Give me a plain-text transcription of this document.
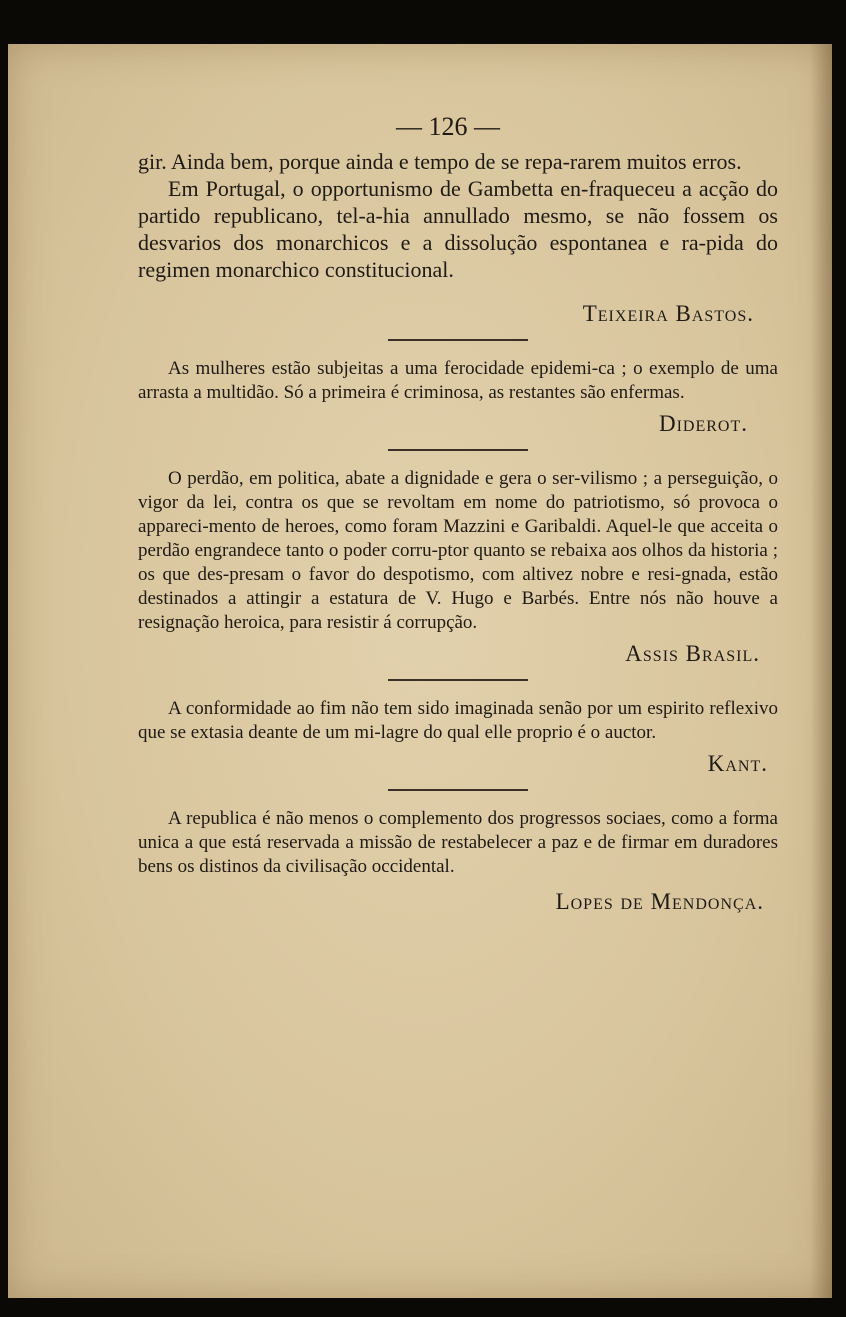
— 126 —

gir. Ainda bem, porque ainda e tempo de se repa-rarem muitos erros.

Em Portugal, o opportunismo de Gambetta en-fraqueceu a acção do partido republicano, tel-a-hia annullado mesmo, se não fossem os desvarios dos monarchicos e a dissolução espontanea e ra-pida do regimen monarchico constitucional.

Teixeira Bastos.

As mulheres estão subjeitas a uma ferocidade epidemi-ca ; o exemplo de uma arrasta a multidão. Só a primeira é criminosa, as restantes são enfermas.

Diderot.

O perdão, em politica, abate a dignidade e gera o ser-vilismo ; a perseguição, o vigor da lei, contra os que se revoltam em nome do patriotismo, só provoca o appareci-mento de heroes, como foram Mazzini e Garibaldi. Aquel-le que acceita o perdão engrandece tanto o poder corru-ptor quanto se rebaixa aos olhos da historia ; os que des-presam o favor do despotismo, com altivez nobre e resi-gnada, estão destinados a attingir a estatura de V. Hugo e Barbés. Entre nós não houve a resignação heroica, para resistir á corrupção.

Assis Brasil.

A conformidade ao fim não tem sido imaginada senão por um espirito reflexivo que se extasia deante de um mi-lagre do qual elle proprio é o auctor.

Kant.

A republica é não menos o complemento dos progressos sociaes, como a forma unica a que está reservada a missão de restabelecer a paz e de firmar em duradores bens os distinos da civilisação occidental.

Lopes de Mendonça.
